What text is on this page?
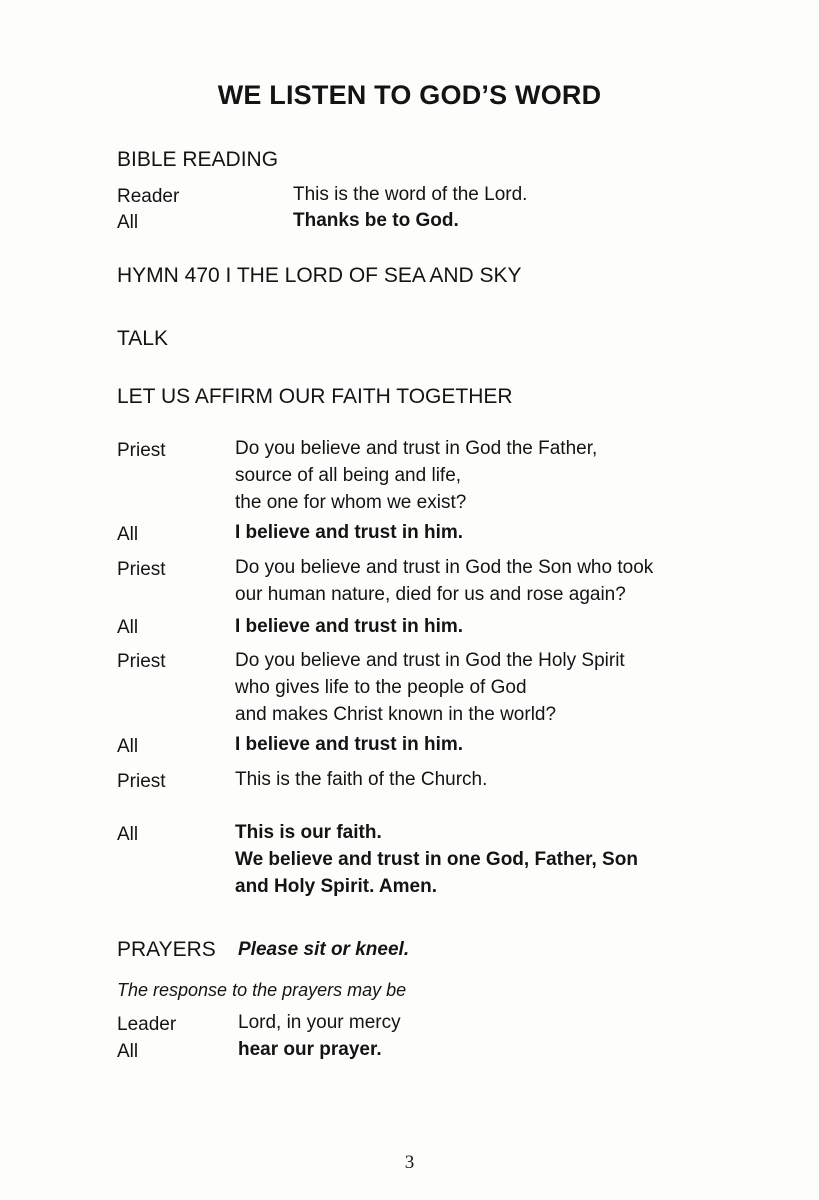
WE LISTEN TO GOD’S WORD
BIBLE READING
Reader	This is the word of the Lord.
All	Thanks be to God.
HYMN 470 I THE LORD OF SEA AND SKY
TALK
LET US AFFIRM OUR FAITH TOGETHER
Priest	Do you believe and trust in God the Father,
source of all being and life,
the one for whom we exist?
All	I believe and trust in him.
Priest	Do you believe and trust in God the Son who took
our human nature, died for us and rose again?
All	I believe and trust in him.
Priest	Do you believe and trust in God the Holy Spirit
who gives life to the people of God
and makes Christ known in the world?
All	I believe and trust in him.
Priest	This is the faith of the Church.
All	This is our faith.
We believe and trust in one God, Father, Son
and Holy Spirit. Amen.
PRAYERS Please sit or kneel.
The response to the prayers may be
Leader	Lord, in your mercy
All	hear our prayer.
3
